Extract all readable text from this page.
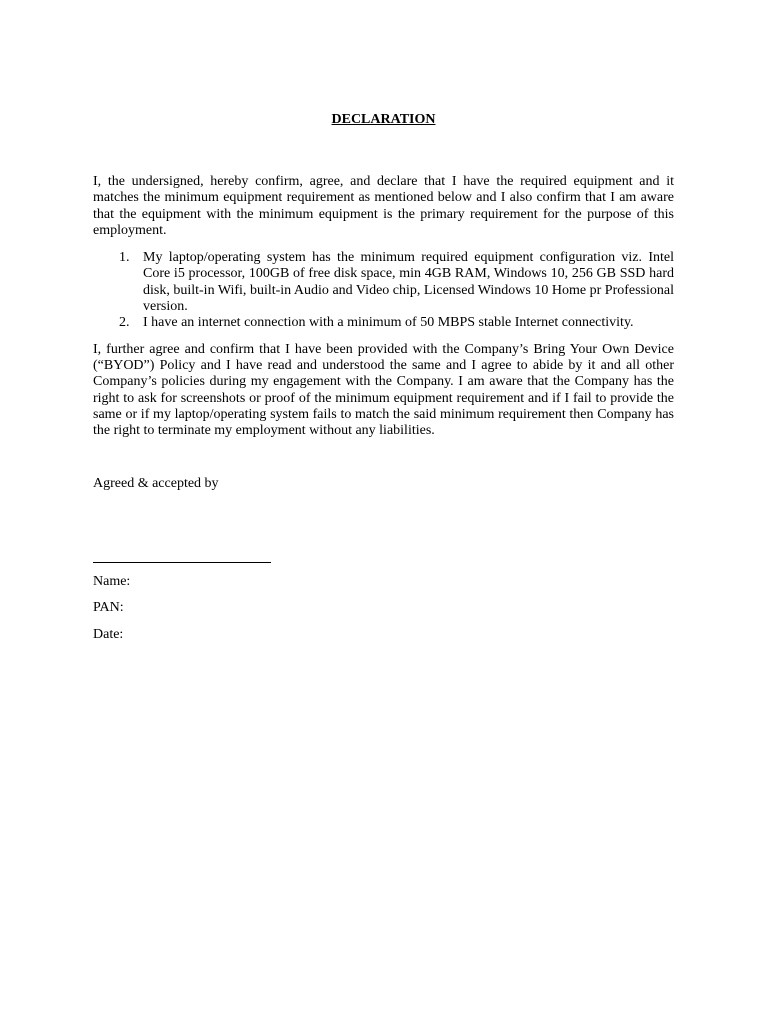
DECLARATION

I, the undersigned, hereby confirm, agree, and declare that I have the required equipment and it matches the minimum equipment requirement as mentioned below and I also confirm that I am aware that the equipment with the minimum equipment is the primary requirement for the purpose of this employment.

1. My laptop/operating system has the minimum required equipment configuration viz. Intel Core i5 processor, 100GB of free disk space, min 4GB RAM, Windows 10, 256 GB SSD hard disk, built-in Wifi, built-in Audio and Video chip, Licensed Windows 10 Home pr Professional version.
2. I have an internet connection with a minimum of 50 MBPS stable Internet connectivity.

I, further agree and confirm that I have been provided with the Company’s Bring Your Own Device (“BYOD”) Policy and I have read and understood the same and I agree to abide by it and all other Company’s policies during my engagement with the Company. I am aware that the Company has the right to ask for screenshots or proof of the minimum equipment requirement and if I fail to provide the same or if my laptop/operating system fails to match the said minimum requirement then Company has the right to terminate my employment without any liabilities.

Agreed & accepted by

Name:

PAN:

Date:
